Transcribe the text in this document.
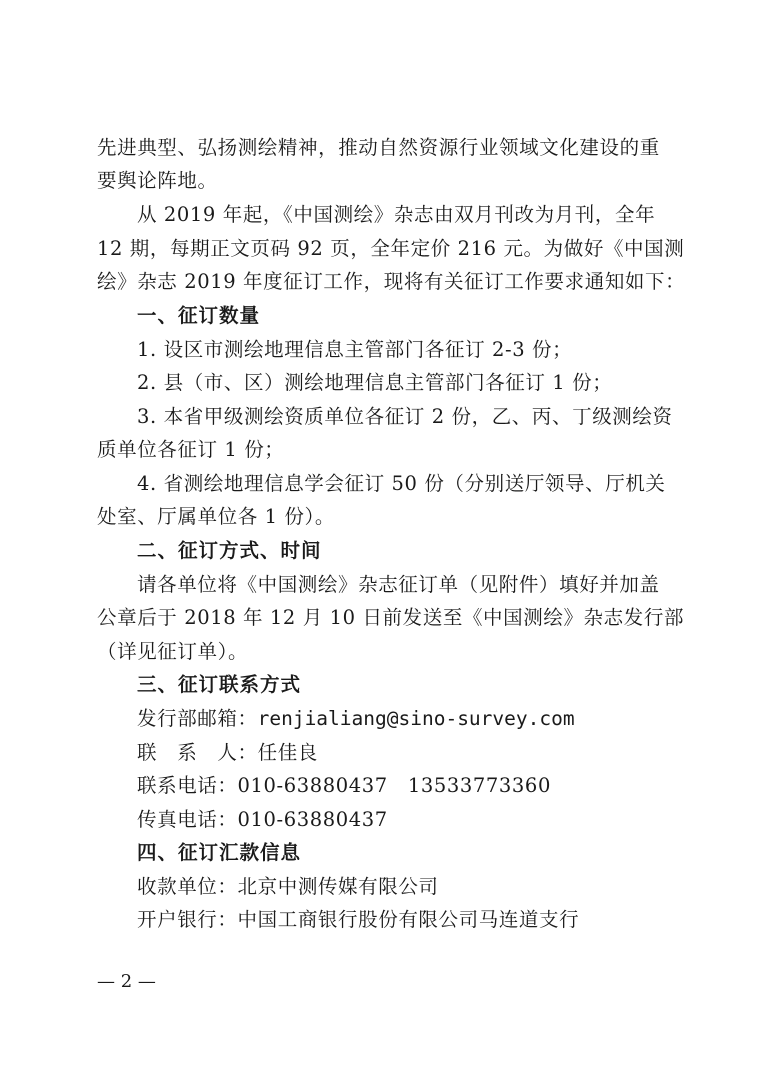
先进典型、弘扬测绘精神，推动自然资源行业领域文化建设的重
要舆论阵地。
从 2019 年起，《中国测绘》杂志由双月刊改为月刊，全年
12 期，每期正文页码 92 页，全年定价 216 元。为做好《中国测
绘》杂志 2019 年度征订工作，现将有关征订工作要求通知如下：
一、征订数量
1. 设区市测绘地理信息主管部门各征订 2-3 份；
2. 县（市、区）测绘地理信息主管部门各征订 1 份；
3. 本省甲级测绘资质单位各征订 2 份，乙、丙、丁级测绘资
质单位各征订 1 份；
4. 省测绘地理信息学会征订 50 份（分别送厅领导、厅机关
处室、厅属单位各 1 份）。
二、征订方式、时间
请各单位将《中国测绘》杂志征订单（见附件）填好并加盖
公章后于 2018 年 12 月 10 日前发送至《中国测绘》杂志发行部
（详见征订单）。
三、征订联系方式
发行部邮箱：renjialiang@sino-survey.com
联　系　人：任佳良
联系电话：010-63880437　13533773360
传真电话：010-63880437
四、征订汇款信息
收款单位：北京中测传媒有限公司
开户银行：中国工商银行股份有限公司马连道支行
— 2 —
